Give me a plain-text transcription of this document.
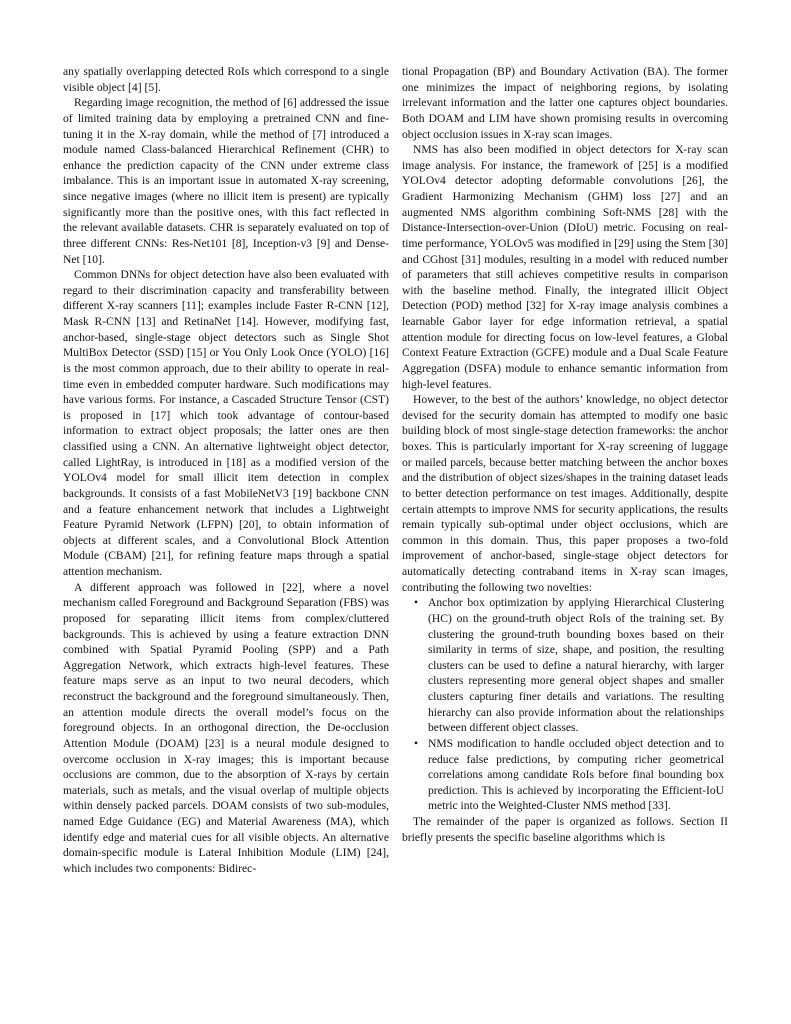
any spatially overlapping detected RoIs which correspond to a single visible object [4] [5].

Regarding image recognition, the method of [6] addressed the issue of limited training data by employing a pretrained CNN and fine-tuning it in the X-ray domain, while the method of [7] introduced a module named Class-balanced Hierarchical Refinement (CHR) to enhance the prediction capacity of the CNN under extreme class imbalance. This is an important issue in automated X-ray screening, since negative images (where no illicit item is present) are typically significantly more than the positive ones, with this fact reflected in the relevant available datasets. CHR is separately evaluated on top of three different CNNs: Res-Net101 [8], Inception-v3 [9] and Dense-Net [10].

Common DNNs for object detection have also been evaluated with regard to their discrimination capacity and transferability between different X-ray scanners [11]; examples include Faster R-CNN [12], Mask R-CNN [13] and RetinaNet [14]. However, modifying fast, anchor-based, single-stage object detectors such as Single Shot MultiBox Detector (SSD) [15] or You Only Look Once (YOLO) [16] is the most common approach, due to their ability to operate in real-time even in embedded computer hardware. Such modifications may have various forms. For instance, a Cascaded Structure Tensor (CST) is proposed in [17] which took advantage of contour-based information to extract object proposals; the latter ones are then classified using a CNN. An alternative lightweight object detector, called LightRay, is introduced in [18] as a modified version of the YOLOv4 model for small illicit item detection in complex backgrounds. It consists of a fast MobileNetV3 [19] backbone CNN and a feature enhancement network that includes a Lightweight Feature Pyramid Network (LFPN) [20], to obtain information of objects at different scales, and a Convolutional Block Attention Module (CBAM) [21], for refining feature maps through a spatial attention mechanism.

A different approach was followed in [22], where a novel mechanism called Foreground and Background Separation (FBS) was proposed for separating illicit items from complex/cluttered backgrounds. This is achieved by using a feature extraction DNN combined with Spatial Pyramid Pooling (SPP) and a Path Aggregation Network, which extracts high-level features. These feature maps serve as an input to two neural decoders, which reconstruct the background and the foreground simultaneously. Then, an attention module directs the overall model’s focus on the foreground objects. In an orthogonal direction, the De-occlusion Attention Module (DOAM) [23] is a neural module designed to overcome occlusion in X-ray images; this is important because occlusions are common, due to the absorption of X-rays by certain materials, such as metals, and the visual overlap of multiple objects within densely packed parcels. DOAM consists of two sub-modules, named Edge Guidance (EG) and Material Awareness (MA), which identify edge and material cues for all visible objects. An alternative domain-specific module is Lateral Inhibition Module (LIM) [24], which includes two components: Bidirec-

tional Propagation (BP) and Boundary Activation (BA). The former one minimizes the impact of neighboring regions, by isolating irrelevant information and the latter one captures object boundaries. Both DOAM and LIM have shown promising results in overcoming object occlusion issues in X-ray scan images.

NMS has also been modified in object detectors for X-ray scan image analysis. For instance, the framework of [25] is a modified YOLOv4 detector adopting deformable convolutions [26], the Gradient Harmonizing Mechanism (GHM) loss [27] and an augmented NMS algorithm combining Soft-NMS [28] with the Distance-Intersection-over-Union (DIoU) metric. Focusing on real-time performance, YOLOv5 was modified in [29] using the Stem [30] and CGhost [31] modules, resulting in a model with reduced number of parameters that still achieves competitive results in comparison with the baseline method. Finally, the integrated illicit Object Detection (POD) method [32] for X-ray image analysis combines a learnable Gabor layer for edge information retrieval, a spatial attention module for directing focus on low-level features, a Global Context Feature Extraction (GCFE) module and a Dual Scale Feature Aggregation (DSFA) module to enhance semantic information from high-level features.

However, to the best of the authors’ knowledge, no object detector devised for the security domain has attempted to modify one basic building block of most single-stage detection frameworks: the anchor boxes. This is particularly important for X-ray screening of luggage or mailed parcels, because better matching between the anchor boxes and the distribution of object sizes/shapes in the training dataset leads to better detection performance on test images. Additionally, despite certain attempts to improve NMS for security applications, the results remain typically sub-optimal under object occlusions, which are common in this domain. Thus, this paper proposes a two-fold improvement of anchor-based, single-stage object detectors for automatically detecting contraband items in X-ray scan images, contributing the following two novelties:

• Anchor box optimization by applying Hierarchical Clustering (HC) on the ground-truth object RoIs of the training set. By clustering the ground-truth bounding boxes based on their similarity in terms of size, shape, and position, the resulting clusters can be used to define a natural hierarchy, with larger clusters representing more general object shapes and smaller clusters capturing finer details and variations. The resulting hierarchy can also provide information about the relationships between different object classes.
• NMS modification to handle occluded object detection and to reduce false predictions, by computing richer geometrical correlations among candidate RoIs before final bounding box prediction. This is achieved by incorporating the Efficient-IoU metric into the Weighted-Cluster NMS method [33].

The remainder of the paper is organized as follows. Section II briefly presents the specific baseline algorithms which is
